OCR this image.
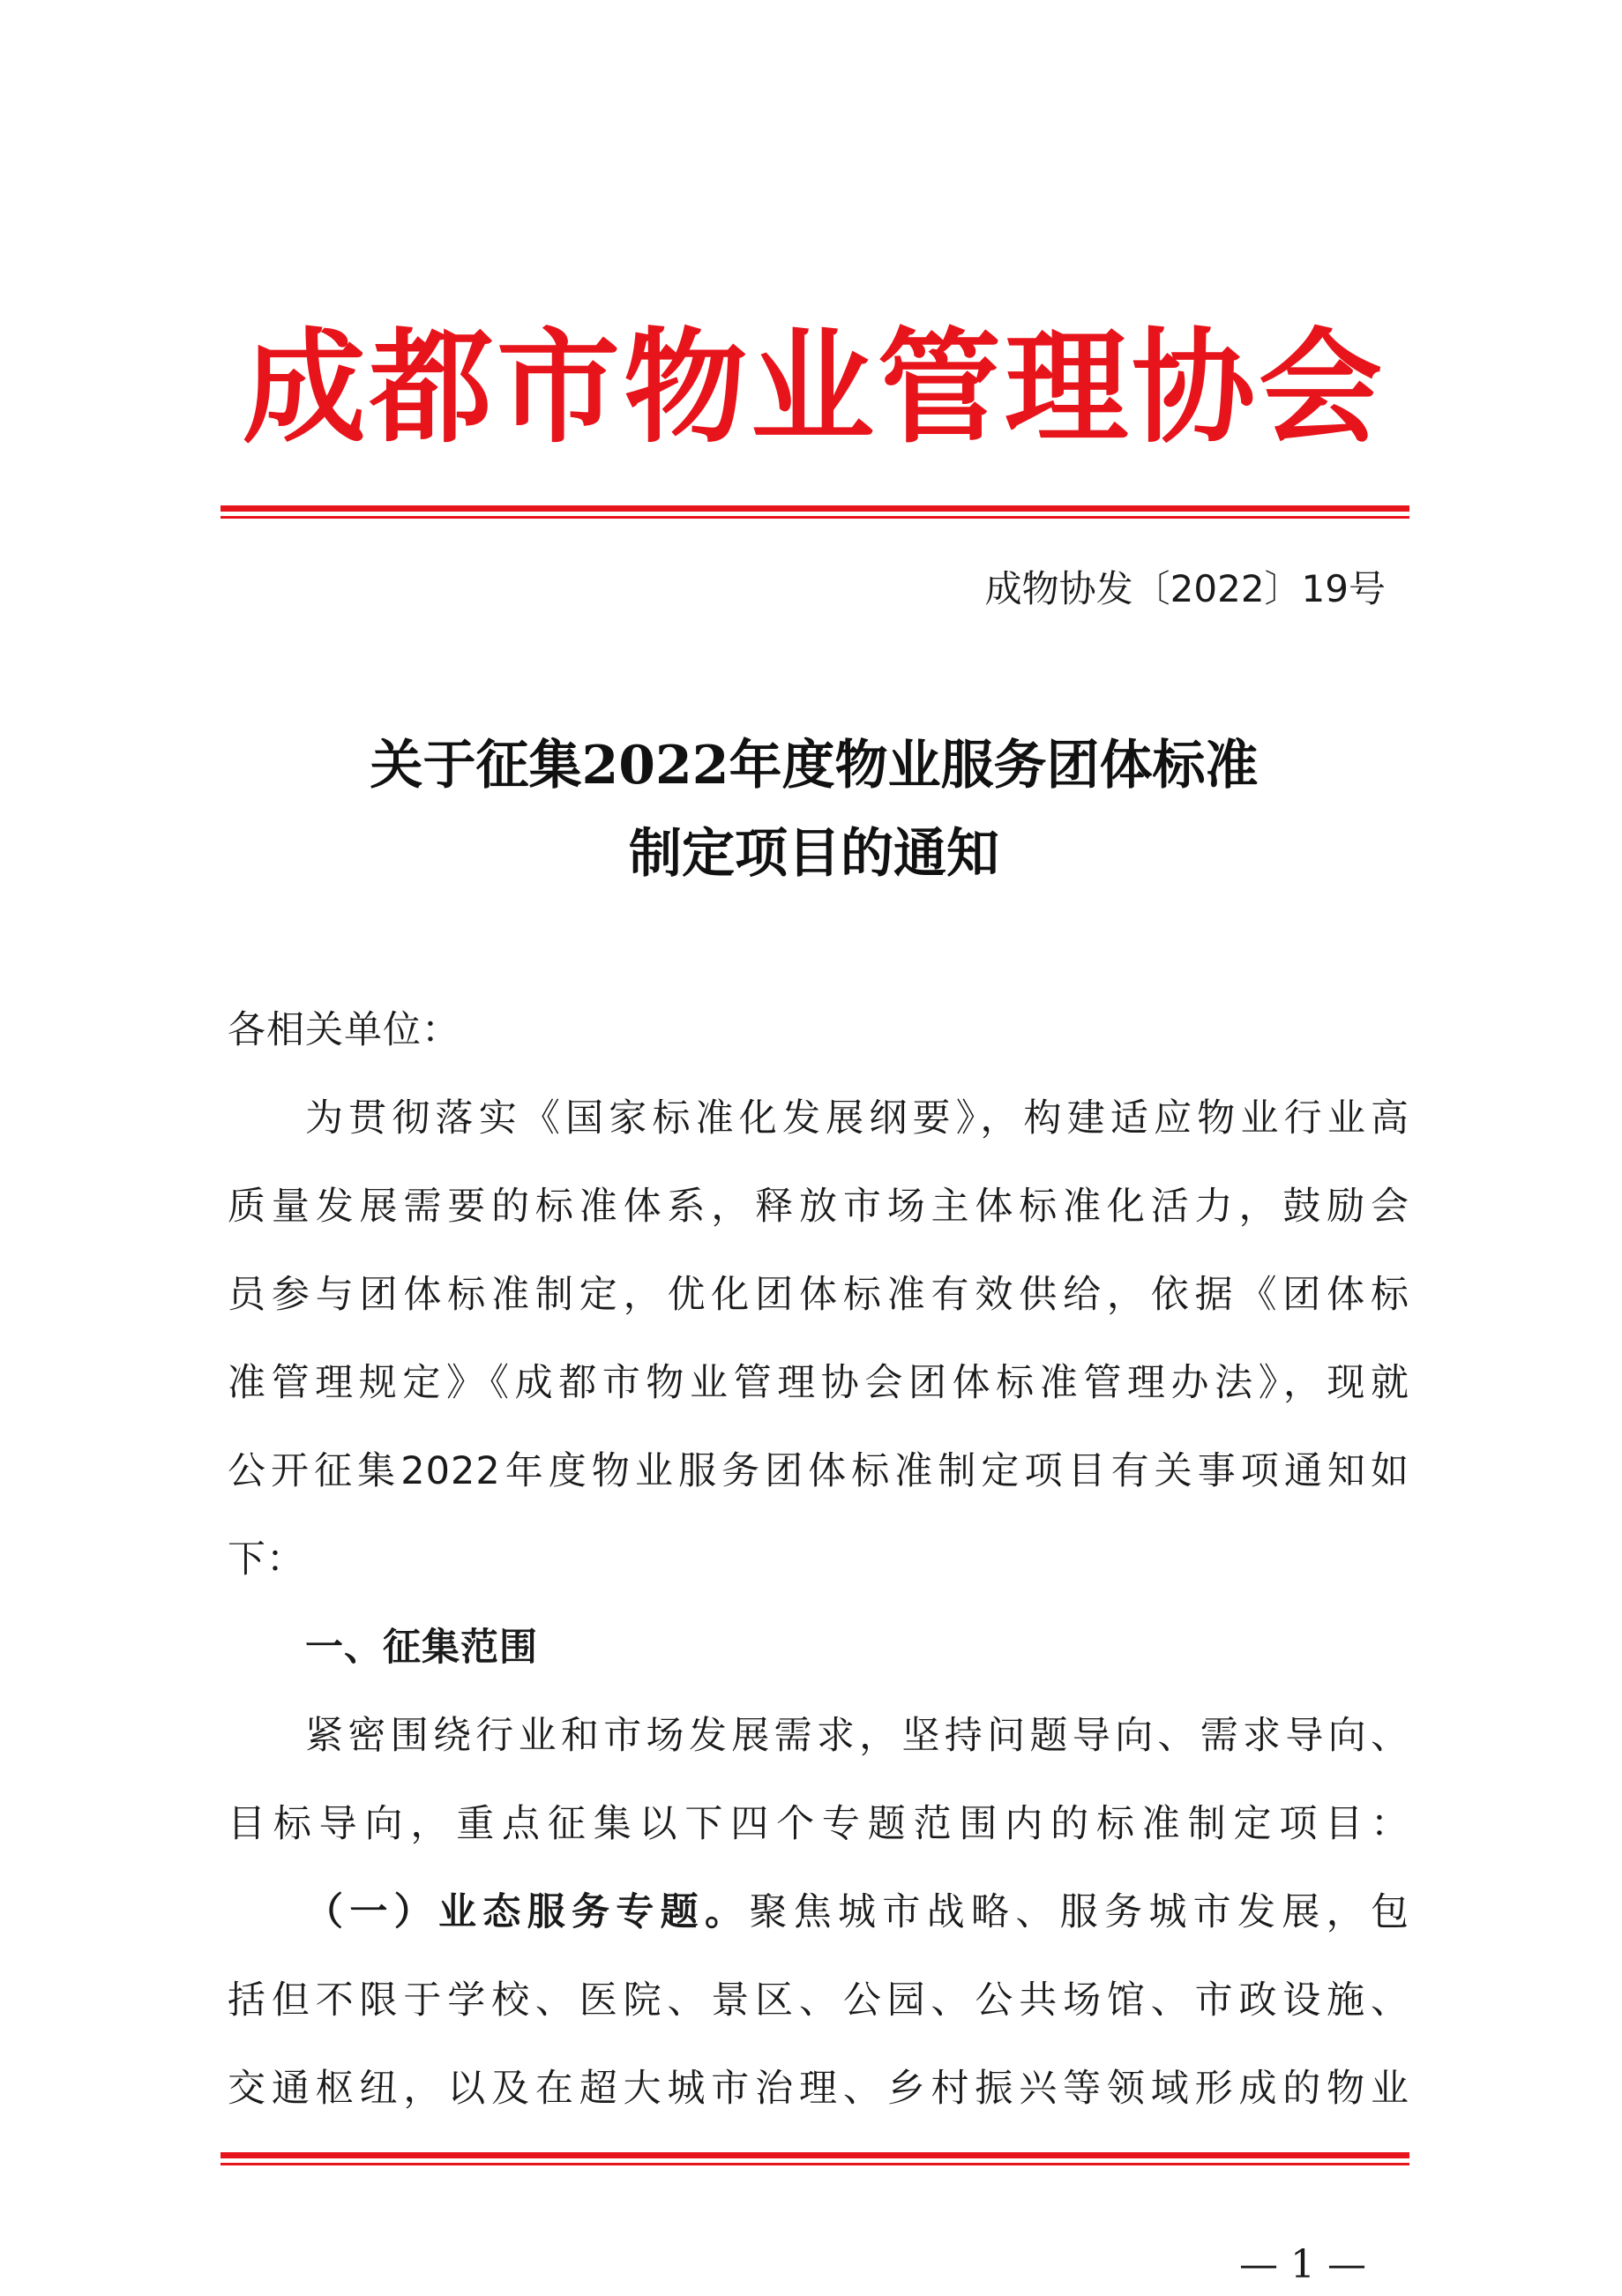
成都市物业管理协会
成物协发〔2022〕19号
关于征集2022年度物业服务团体标准
制定项目的通知
各相关单位：
为贯彻落实《国家标准化发展纲要》，构建适应物业行业高
质量发展需要的标准体系，释放市场主体标准化活力，鼓励会
员参与团体标准制定，优化团体标准有效供给，依据《团体标
准管理规定》《成都市物业管理协会团体标准管理办法》，现就
公开征集2022年度物业服务团体标准制定项目有关事项通知如
下：
一、征集范围
紧密围绕行业和市场发展需求，坚持问题导向、需求导向、
目标导向，重点征集以下四个专题范围内的标准制定项目：
（一）业态服务专题。聚焦城市战略、服务城市发展，包
括但不限于学校、医院、景区、公园、公共场馆、市政设施、
交通枢纽，以及在超大城市治理、乡村振兴等领域形成的物业
— 1 —
